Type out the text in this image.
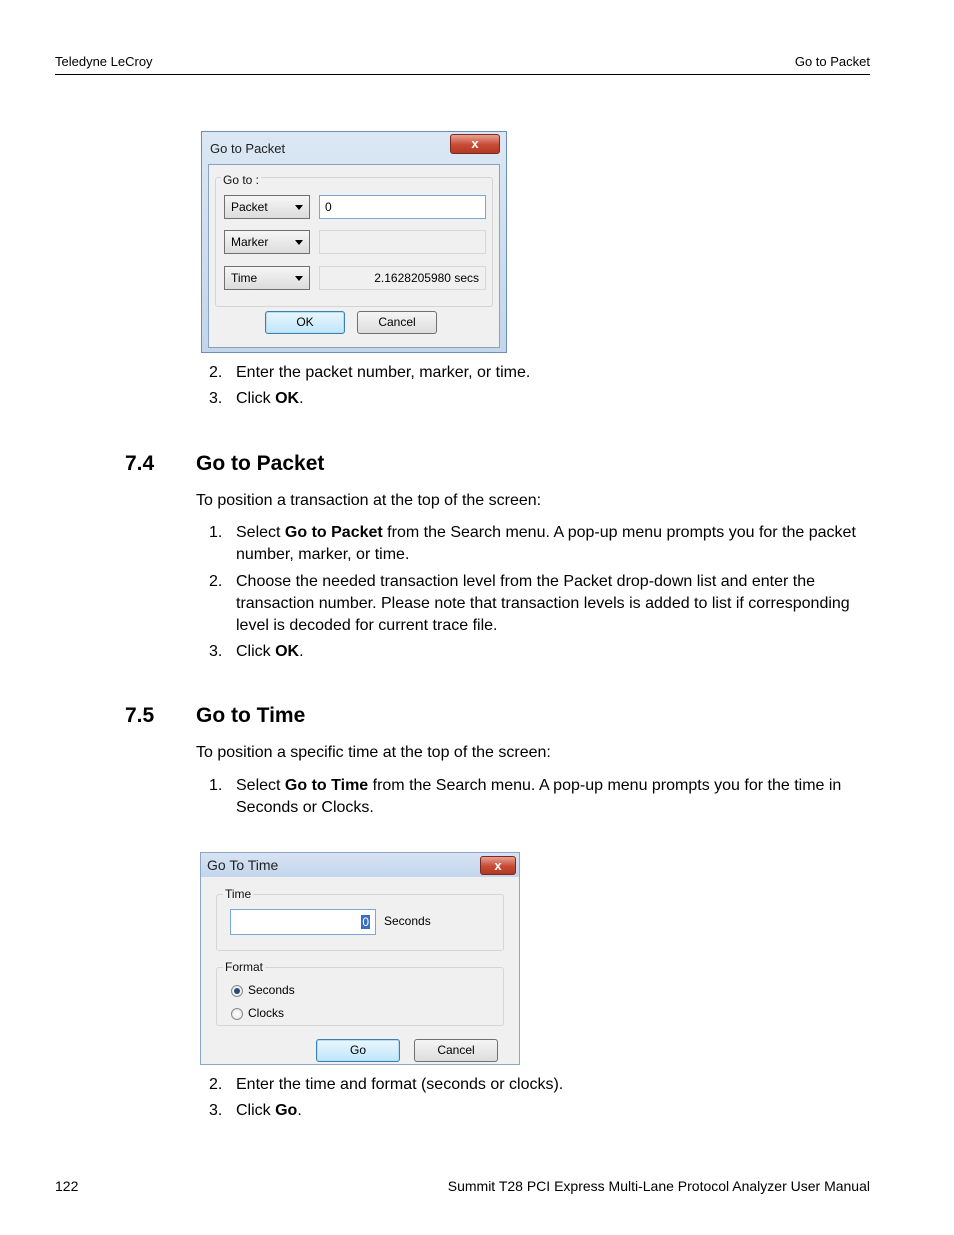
Teledyne LeCroy	Go to Packet
Go to Packet	x
Go to :
Packet	0
Marker
Time	2.1628205980 secs
OK	Cancel
2. Enter the packet number, marker, or time.
3. Click OK.
7.4 Go to Packet
To position a transaction at the top of the screen:
1. Select Go to Packet from the Search menu. A pop-up menu prompts you for the packet number, marker, or time.
2. Choose the needed transaction level from the Packet drop-down list and enter the transaction number. Please note that transaction levels is added to list if corresponding level is decoded for current trace file.
3. Click OK.
7.5 Go to Time
To position a specific time at the top of the screen:
1. Select Go to Time from the Search menu. A pop-up menu prompts you for the time in Seconds or Clocks.
Go To Time	x
Time
0 Seconds
Format
Seconds
Clocks
Go	Cancel
2. Enter the time and format (seconds or clocks).
3. Click Go.
122	Summit T28 PCI Express Multi-Lane Protocol Analyzer User Manual
